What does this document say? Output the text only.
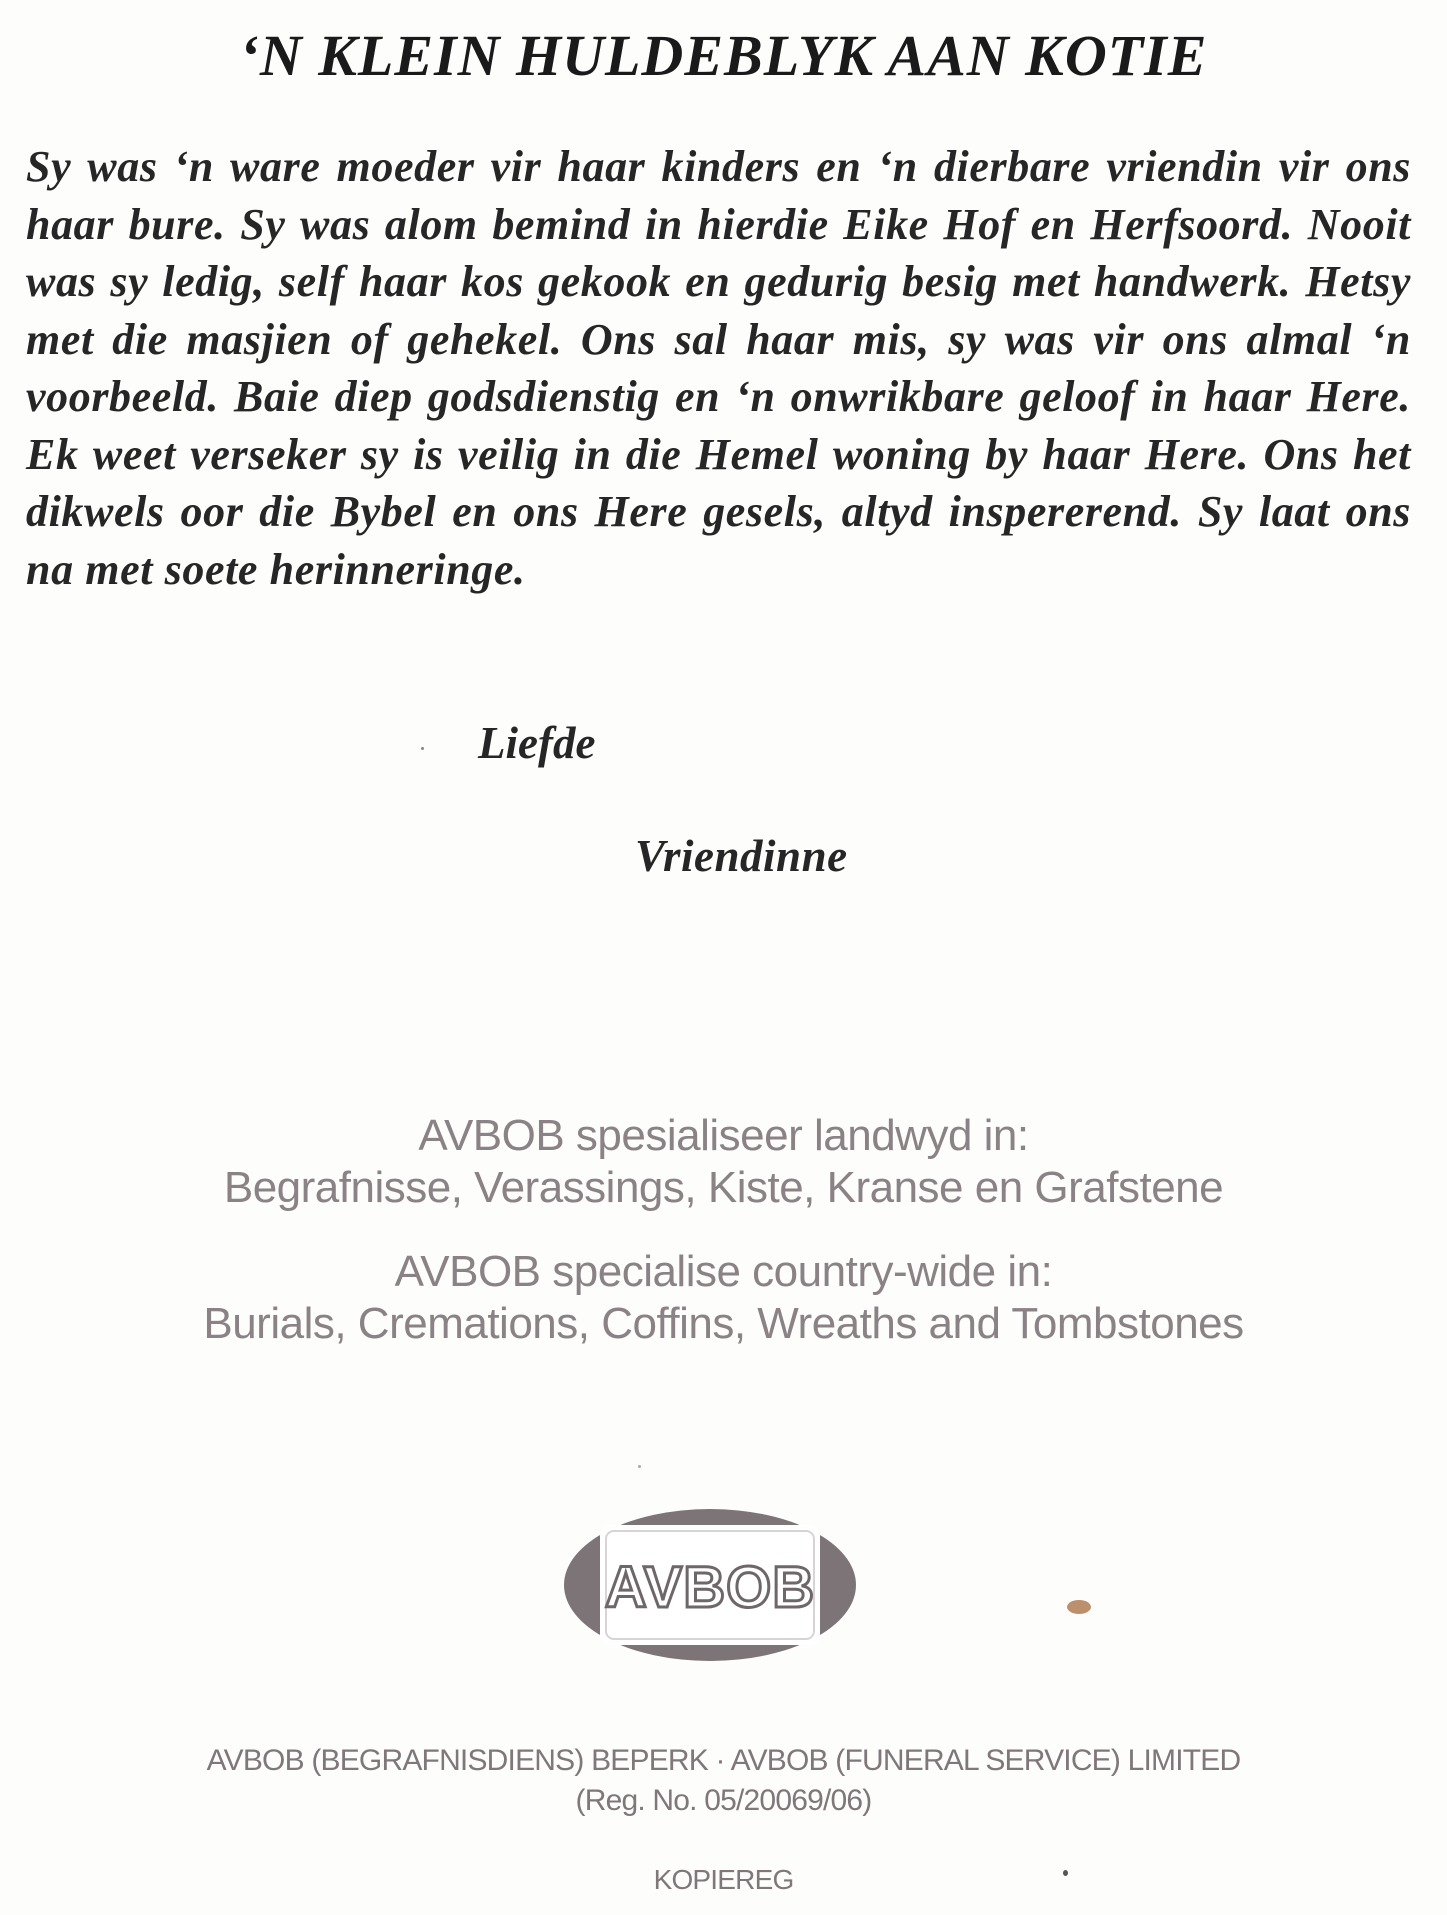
‘N KLEIN HULDEBLYK AAN KOTIE
Sy was ‘n ware moeder vir haar kinders en ‘n dierbare vriendin vir ons haar bure. Sy was alom bemind in hierdie Eike Hof en Herfsoord. Nooit was sy ledig, self haar kos gekook en gedurig besig met handwerk. Hetsy met die masjien of gehekel. Ons sal haar mis, sy was vir ons almal ‘n voorbeeld. Baie diep godsdienstig en ‘n onwrikbare geloof in haar Here. Ek weet verseker sy is veilig in die Hemel woning by haar Here. Ons het dikwels oor die Bybel en ons Here gesels, altyd inspererend. Sy laat ons na met soete herinneringe.
Liefde
Vriendinne
AVBOB spesialiseer landwyd in:
Begrafnisse, Verassings, Kiste, Kranse en Grafstene
AVBOB specialise country-wide in:
Burials, Cremations, Coffins, Wreaths and Tombstones
AVBOB
AVBOB (BEGRAFNISDIENS) BEPERK · AVBOB (FUNERAL SERVICE) LIMITED
(Reg. No. 05/20069/06)
KOPIEREG
